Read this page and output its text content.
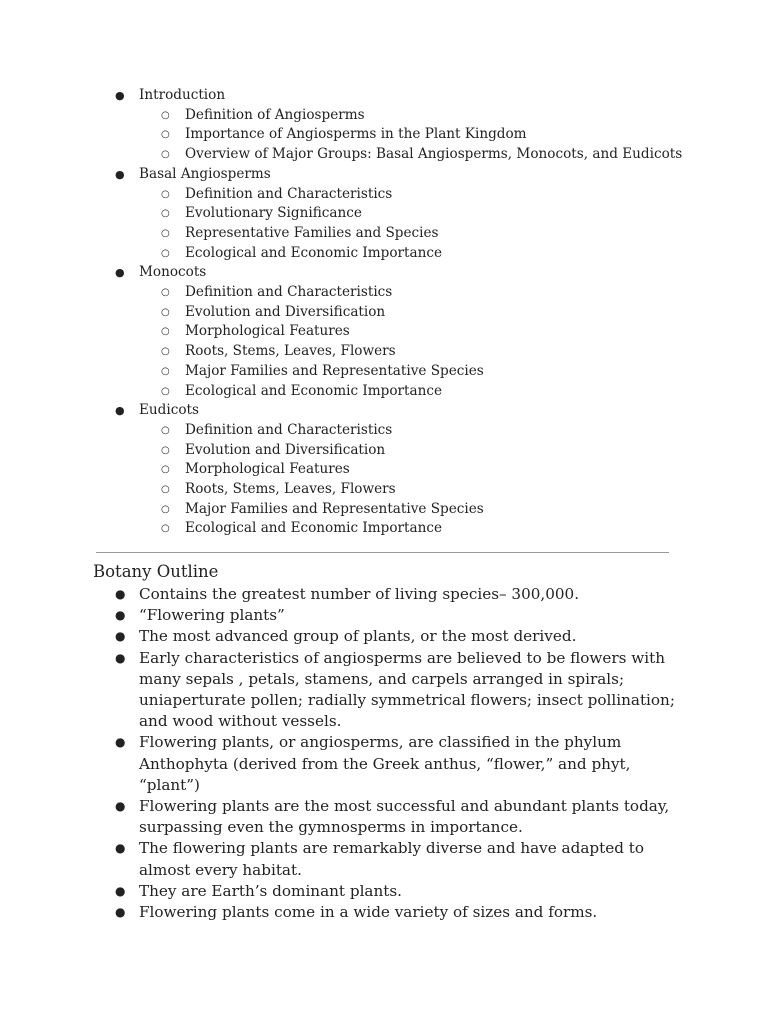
● Introduction
○ Definition of Angiosperms
○ Importance of Angiosperms in the Plant Kingdom
○ Overview of Major Groups: Basal Angiosperms, Monocots, and Eudicots
● Basal Angiosperms
○ Definition and Characteristics
○ Evolutionary Significance
○ Representative Families and Species
○ Ecological and Economic Importance
● Monocots
○ Definition and Characteristics
○ Evolution and Diversification
○ Morphological Features
○ Roots, Stems, Leaves, Flowers
○ Major Families and Representative Species
○ Ecological and Economic Importance
● Eudicots
○ Definition and Characteristics
○ Evolution and Diversification
○ Morphological Features
○ Roots, Stems, Leaves, Flowers
○ Major Families and Representative Species
○ Ecological and Economic Importance
Botany Outline
● Contains the greatest number of living species– 300,000.
● “Flowering plants”
● The most advanced group of plants, or the most derived.
● Early characteristics of angiosperms are believed to be flowers with many sepals , petals, stamens, and carpels arranged in spirals; uniaperturate pollen; radially symmetrical flowers; insect pollination; and wood without vessels.
● Flowering plants, or angiosperms, are classified in the phylum Anthophyta (derived from the Greek anthus, “flower,” and phyt, “plant”)
● Flowering plants are the most successful and abundant plants today, surpassing even the gymnosperms in importance.
● The flowering plants are remarkably diverse and have adapted to almost every habitat.
● They are Earth’s dominant plants.
● Flowering plants come in a wide variety of sizes and forms.
